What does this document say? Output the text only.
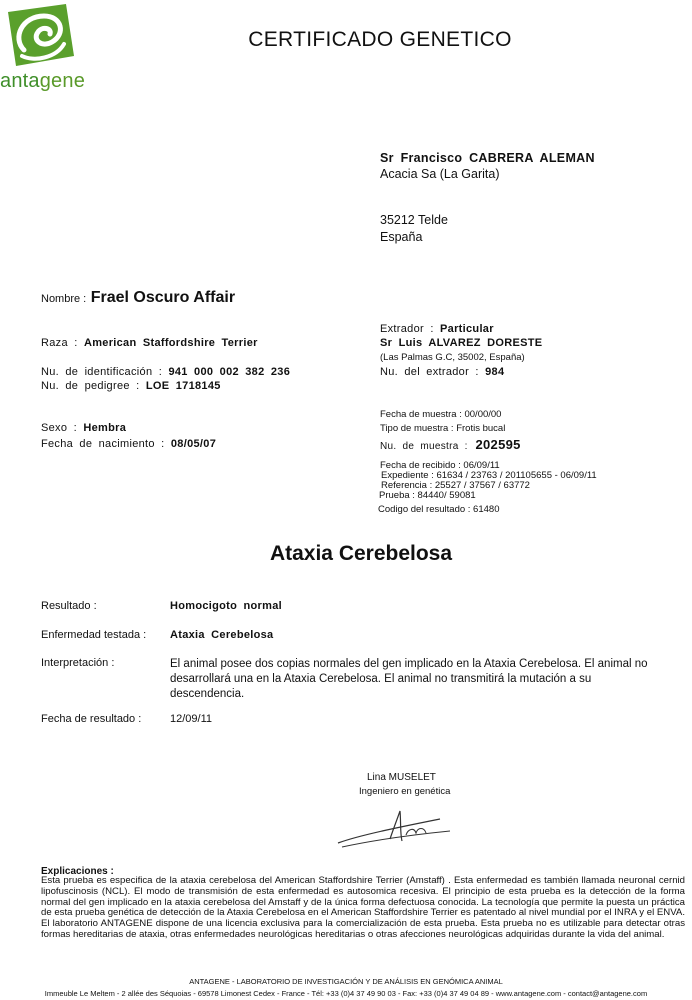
antagene
CERTIFICADO GENETICO
Sr Francisco CABRERA ALEMAN
Acacia Sa (La Garita)
35212 Telde
España
Nombre : Frael Oscuro Affair
Raza : American Staffordshire Terrier
Nu. de identificación : 941 000 002 382 236
Nu. de pedigree : LOE 1718145
Sexo : Hembra
Fecha de nacimiento : 08/05/07
Extrador : Particular
Sr Luis ALVAREZ DORESTE
(Las Palmas G.C, 35002, España)
Nu. del extrador : 984
Fecha de muestra : 00/00/00
Tipo de muestra : Frotis bucal
Nu. de muestra : 202595
Fecha de recibido : 06/09/11
Expediente : 61634 / 23763 / 201105655 - 06/09/11
Referencia : 25527 / 37567 / 63772
Prueba : 84440/ 59081
Codigo del resultado : 61480
Ataxia Cerebelosa
Resultado :	Homocigoto normal
Enfermedad testada : Ataxia Cerebelosa
Interpretación :	El animal posee dos copias normales del gen implicado en la Ataxia Cerebelosa. El animal no desarrollará una en la Ataxia Cerebelosa. El animal no transmitirá la mutación a su descendencia.
Fecha de resultado :	12/09/11
Lina MUSELET
Ingeniero en genética
Explicaciones :
Esta prueba es especifica de la ataxia cerebelosa del American Staffordshire Terrier (Amstaff) . Esta enfermedad es también llamada neuronal cernid lipofuscinosis (NCL). El modo de transmisión de esta enfermedad es autosomica recesiva. El principio de esta prueba es la detección de la forma normal del gen implicado en la ataxia cerebelosa del Amstaff y de la única forma defectuosa conocida. La tecnología que permite la puesta un práctica de esta prueba genética de detección de la Ataxia Cerebelosa en el American Staffordshire Terrier es patentado al nivel mundial por el INRA y el ENVA. El laboratorio ANTAGENE dispone de una licencia exclusiva para la comercialización de esta prueba. Esta prueba no es utilizable para detectar otras formas hereditarias de ataxia, otras enfermedades neurológicas hereditarias o otras afecciones neurológicas adquiridas durante la vida del animal.
ANTAGENE - LABORATORIO DE INVESTIGACIÓN Y DE ANÁLISIS EN GENÓMICA ANIMAL
Immeuble Le Meltem - 2 allée des Séquoias - 69578 Limonest Cedex - France - Tél: +33 (0)4 37 49 90 03 - Fax: +33 (0)4 37 49 04 89 - www.antagene.com - contact@antagene.com
